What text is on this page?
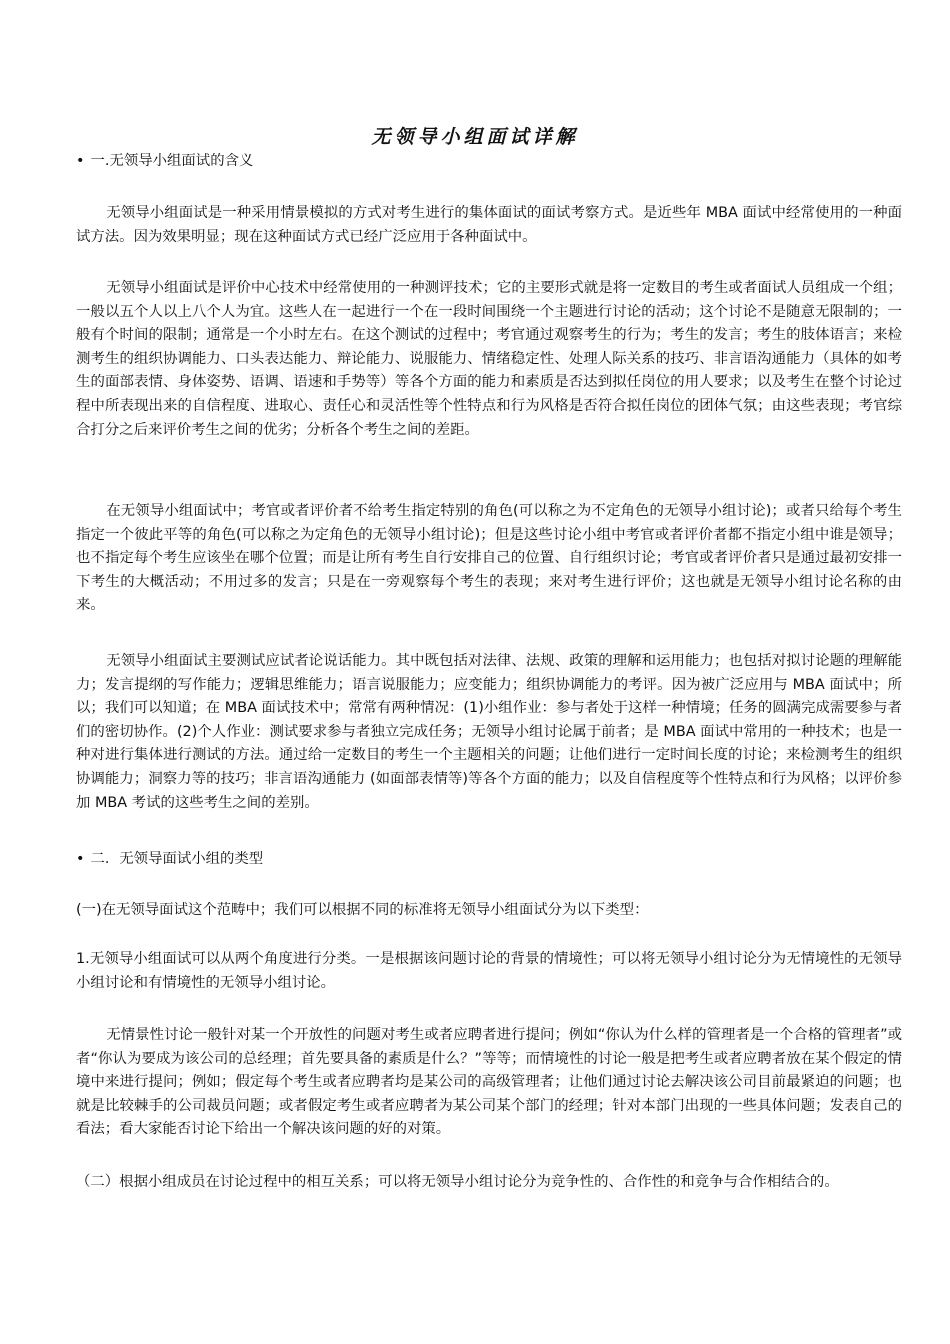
无领导小组面试详解
• 一.无领导小组面试的含义
无领导小组面试是一种采用情景模拟的方式对考生进行的集体面试的面试考察方式。是近些年 MBA 面试中经常使用的一种面试方法。因为效果明显；现在这种面试方式已经广泛应用于各种面试中。
无领导小组面试是评价中心技术中经常使用的一种测评技术；它的主要形式就是将一定数目的考生或者面试人员组成一个组；一般以五个人以上八个人为宜。这些人在一起进行一个在一段时间围绕一个主题进行讨论的活动；这个讨论不是随意无限制的；一般有个时间的限制；通常是一个小时左右。在这个测试的过程中；考官通过观察考生的行为；考生的发言；考生的肢体语言；来检测考生的组织协调能力、口头表达能力、辩论能力、说服能力、情绪稳定性、处理人际关系的技巧、非言语沟通能力（具体的如考生的面部表情、身体姿势、语调、语速和手势等）等各个方面的能力和素质是否达到拟任岗位的用人要求；以及考生在整个讨论过程中所表现出来的自信程度、进取心、责任心和灵活性等个性特点和行为风格是否符合拟任岗位的团体气氛；由这些表现；考官综合打分之后来评价考生之间的优劣；分析各个考生之间的差距。
在无领导小组面试中；考官或者评价者不给考生指定特别的角色(可以称之为不定角色的无领导小组讨论)；或者只给每个考生指定一个彼此平等的角色(可以称之为定角色的无领导小组讨论)；但是这些讨论小组中考官或者评价者都不指定小组中谁是领导；也不指定每个考生应该坐在哪个位置；而是让所有考生自行安排自己的位置、自行组织讨论；考官或者评价者只是通过最初安排一下考生的大概活动；不用过多的发言；只是在一旁观察每个考生的表现；来对考生进行评价；这也就是无领导小组讨论名称的由来。
无领导小组面试主要测试应试者论说话能力。其中既包括对法律、法规、政策的理解和运用能力；也包括对拟讨论题的理解能力；发言提纲的写作能力；逻辑思维能力；语言说服能力；应变能力；组织协调能力的考评。因为被广泛应用与 MBA 面试中；所以；我们可以知道；在 MBA 面试技术中；常常有两种情况：(1)小组作业：参与者处于这样一种情境；任务的圆满完成需要参与者们的密切协作。(2)个人作业：测试要求参与者独立完成任务；无领导小组讨论属于前者；是 MBA 面试中常用的一种技术；也是一种对进行集体进行测试的方法。通过给一定数目的考生一个主题相关的问题；让他们进行一定时间长度的讨论；来检测考生的组织协调能力；洞察力等的技巧；非言语沟通能力 (如面部表情等)等各个方面的能力；以及自信程度等个性特点和行为风格；以评价参加 MBA 考试的这些考生之间的差别。
• 二．无领导面试小组的类型
(一)在无领导面试这个范畴中；我们可以根据不同的标准将无领导小组面试分为以下类型：
1.无领导小组面试可以从两个角度进行分类。一是根据该问题讨论的背景的情境性；可以将无领导小组讨论分为无情境性的无领导小组讨论和有情境性的无领导小组讨论。
无情景性讨论一般针对某一个开放性的问题对考生或者应聘者进行提问；例如“你认为什么样的管理者是一个合格的管理者”或者“你认为要成为该公司的总经理；首先要具备的素质是什么？”等等；而情境性的讨论一般是把考生或者应聘者放在某个假定的情境中来进行提问；例如；假定每个考生或者应聘者均是某公司的高级管理者；让他们通过讨论去解决该公司目前最紧迫的问题；也就是比较棘手的公司裁员问题；或者假定考生或者应聘者为某公司某个部门的经理；针对本部门出现的一些具体问题；发表自己的看法；看大家能否讨论下给出一个解决该问题的好的对策。
（二）根据小组成员在讨论过程中的相互关系；可以将无领导小组讨论分为竞争性的、合作性的和竞争与合作相结合的。
